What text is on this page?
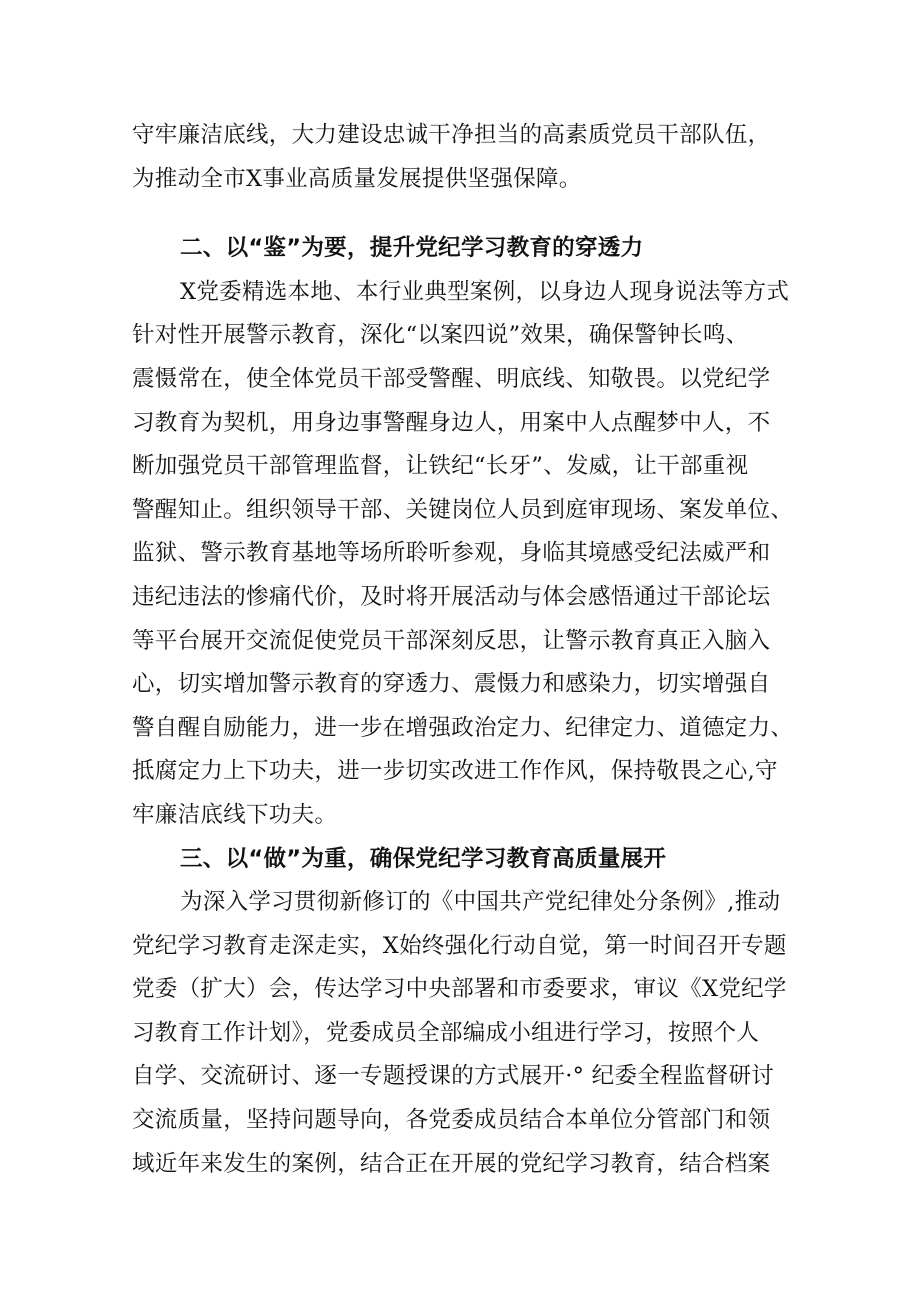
守牢廉洁底线，大力建设忠诚干净担当的高素质党员干部队伍，
为推动全市X事业高质量发展提供坚强保障。
二、以“鉴”为要，提升党纪学习教育的穿透力
X党委精选本地、本行业典型案例，以身边人现身说法等方式
针对性开展警示教育，深化“以案四说”效果，确保警钟长鸣、
震慑常在，使全体党员干部受警醒、明底线、知敬畏。以党纪学
习教育为契机，用身边事警醒身边人，用案中人点醒梦中人，不
断加强党员干部管理监督，让铁纪“长牙”、发威，让干部重视
警醒知止。组织领导干部、关键岗位人员到庭审现场、案发单位、
监狱、警示教育基地等场所聆听参观，身临其境感受纪法威严和
违纪违法的惨痛代价，及时将开展活动与体会感悟通过干部论坛
等平台展开交流促使党员干部深刻反思，让警示教育真正入脑入
心，切实增加警示教育的穿透力、震慑力和感染力，切实增强自
警自醒自励能力，进一步在增强政治定力、纪律定力、道德定力、
抵腐定力上下功夫，进一步切实改进工作作风，保持敬畏之心,守
牢廉洁底线下功夫。
三、以“做”为重，确保党纪学习教育高质量展开
为深入学习贯彻新修订的《中国共产党纪律处分条例》,推动
党纪学习教育走深走实，X始终强化行动自觉，第一时间召开专题
党委（扩大）会，传达学习中央部署和市委要求，审议《X党纪学
习教育工作计划》，党委成员全部编成小组进行学习，按照个人
自学、交流研讨、逐一专题授课的方式展开·° 纪委全程监督研讨
交流质量，坚持问题导向，各党委成员结合本单位分管部门和领
域近年来发生的案例，结合正在开展的党纪学习教育，结合档案
